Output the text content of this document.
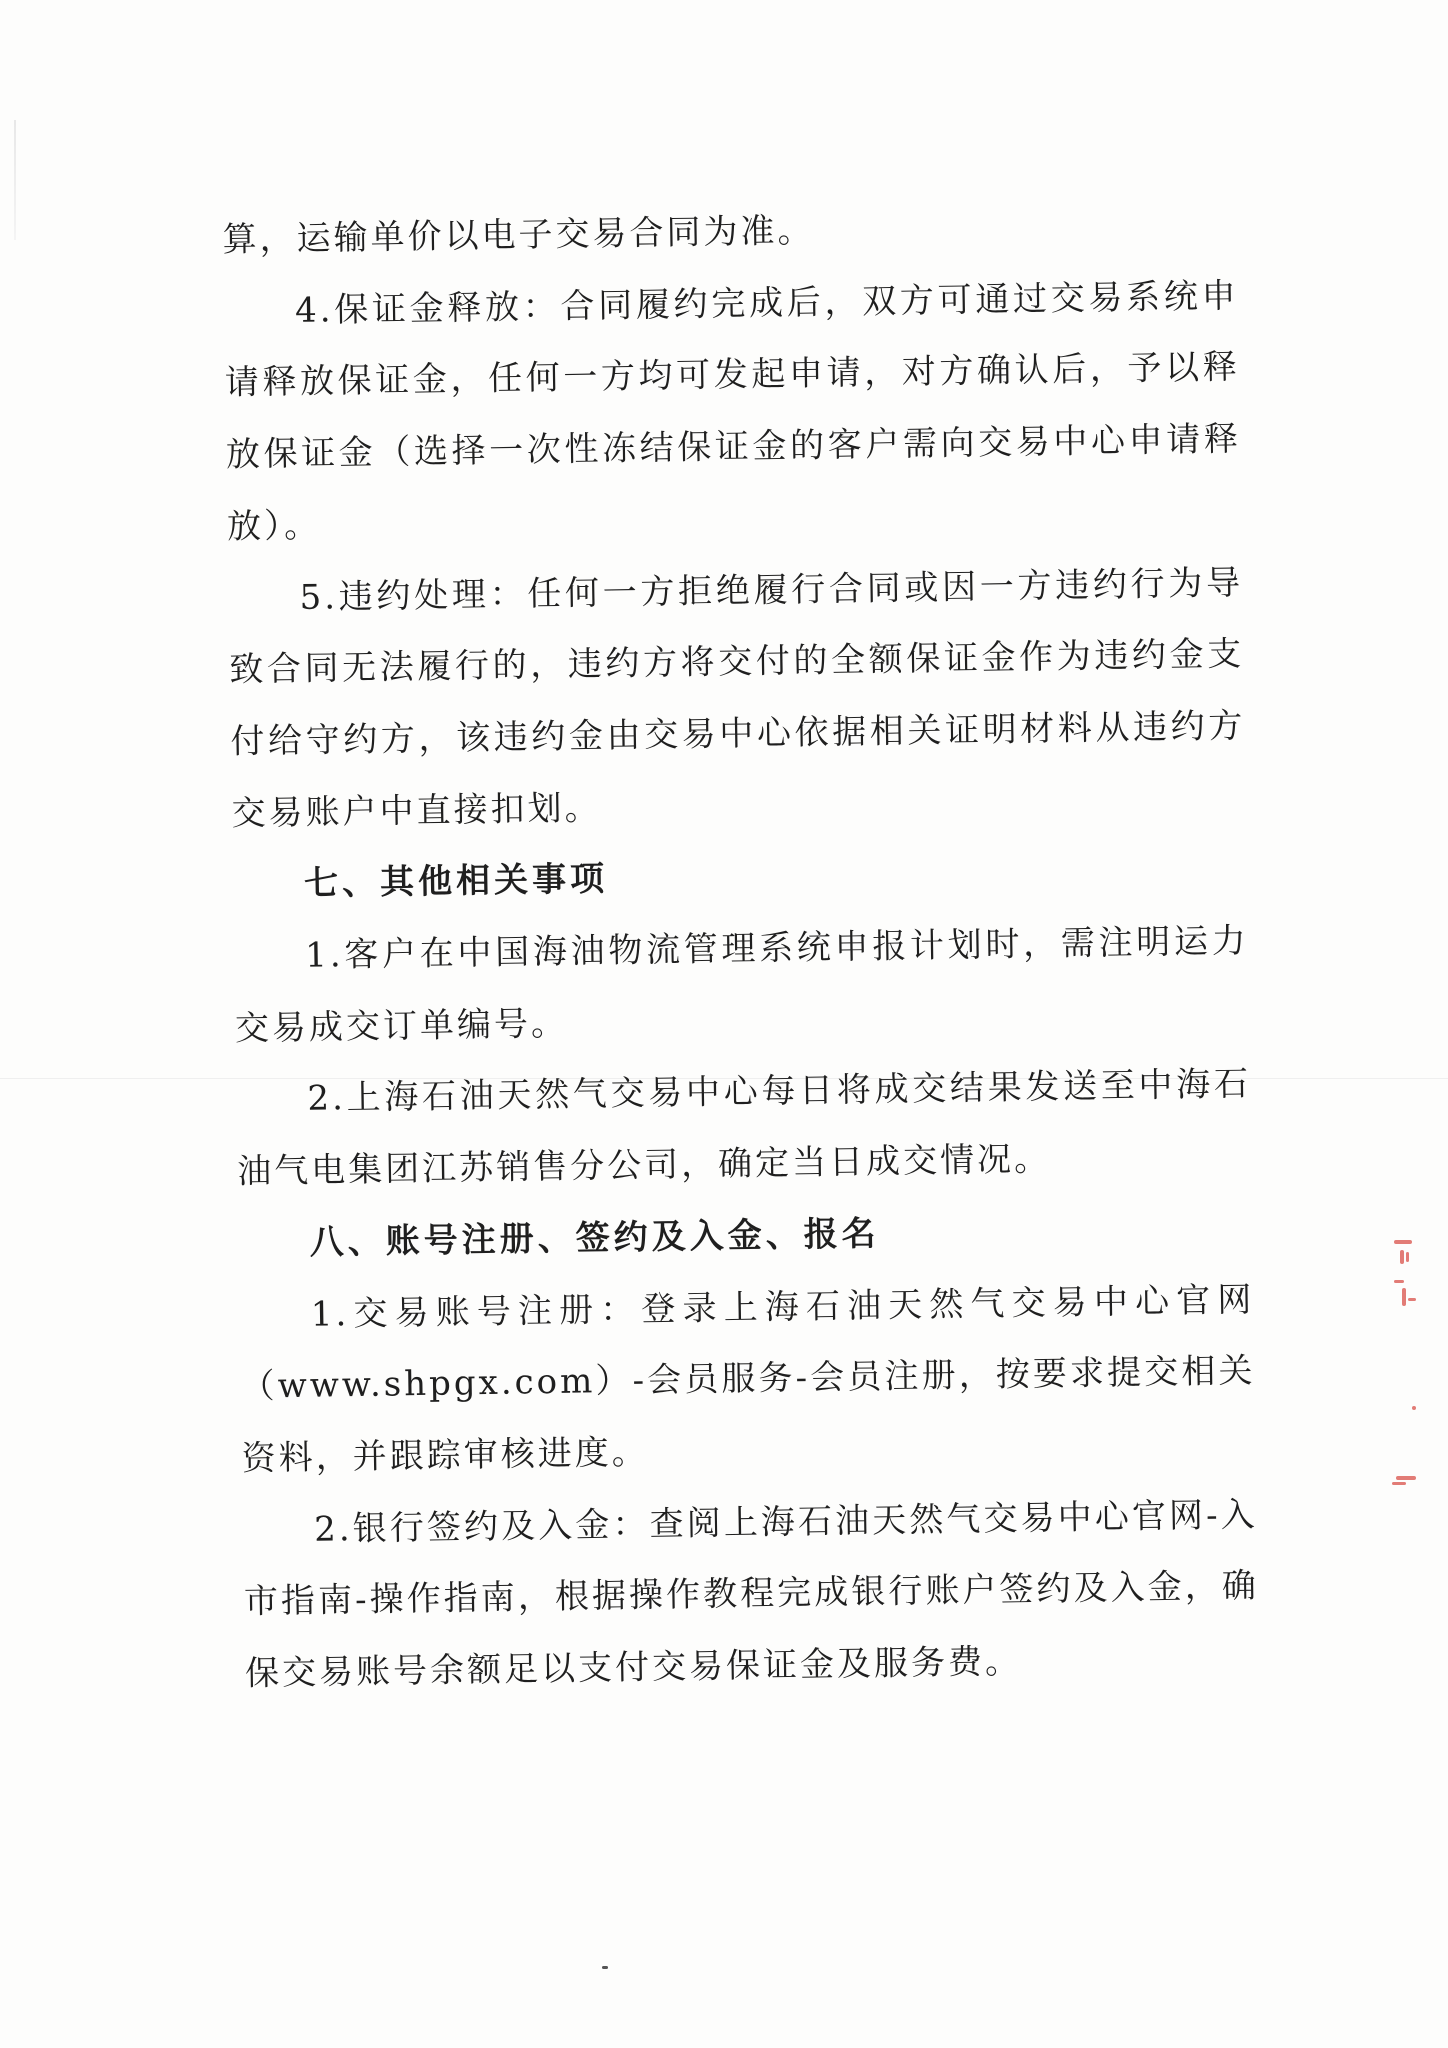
算，运输单价以电子交易合同为准。

4.保证金释放：合同履约完成后，双方可通过交易系统申请释放保证金，任何一方均可发起申请，对方确认后，予以释放保证金（选择一次性冻结保证金的客户需向交易中心申请释放）。

5.违约处理：任何一方拒绝履行合同或因一方违约行为导致合同无法履行的，违约方将交付的全额保证金作为违约金支付给守约方，该违约金由交易中心依据相关证明材料从违约方交易账户中直接扣划。

七、其他相关事项

1.客户在中国海油物流管理系统申报计划时，需注明运力交易成交订单编号。

2.上海石油天然气交易中心每日将成交结果发送至中海石油气电集团江苏销售分公司，确定当日成交情况。

八、账号注册、签约及入金、报名

1.交易账号注册：登录上海石油天然气交易中心官网（www.shpgx.com）-会员服务-会员注册，按要求提交相关资料，并跟踪审核进度。

2.银行签约及入金：查阅上海石油天然气交易中心官网-入市指南-操作指南，根据操作教程完成银行账户签约及入金，确保交易账号余额足以支付交易保证金及服务费。
